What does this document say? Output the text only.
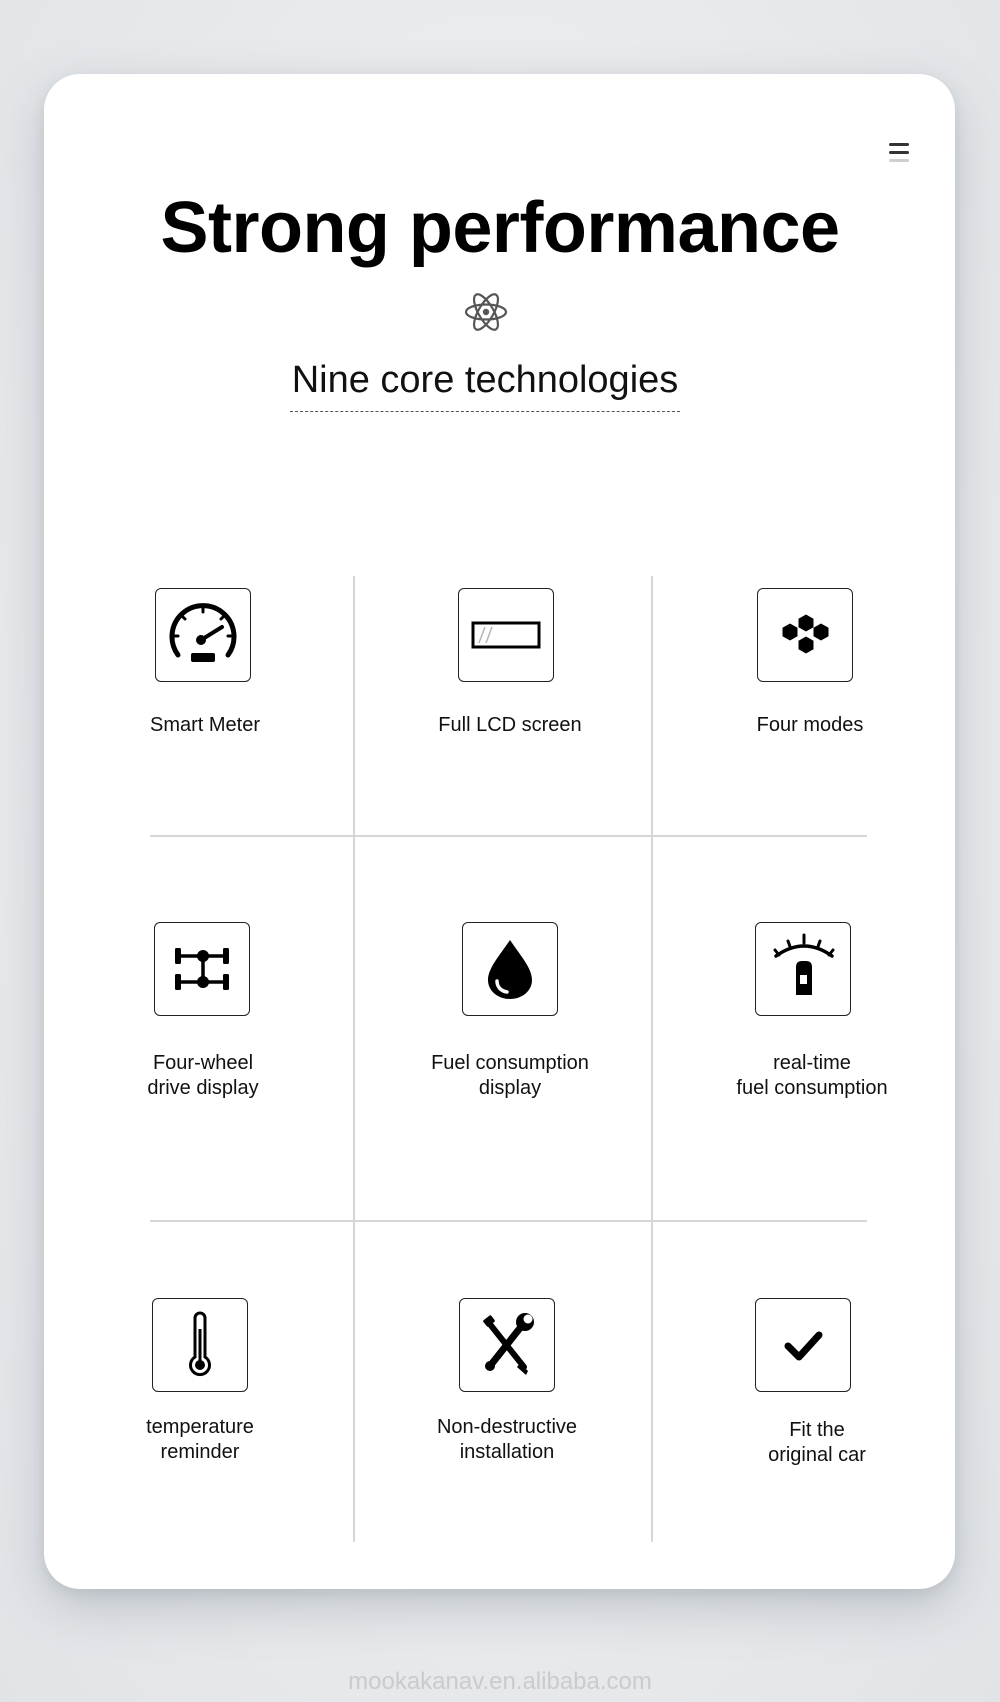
Strong performance
Nine core technologies
Smart Meter	Full LCD screen	Four modes
Four-wheel
drive display
Fuel consumption
display
real-time
fuel consumption
temperature
reminder
Non-destructive
installation
Fit the
original car
mookakanav.en.alibaba.com
